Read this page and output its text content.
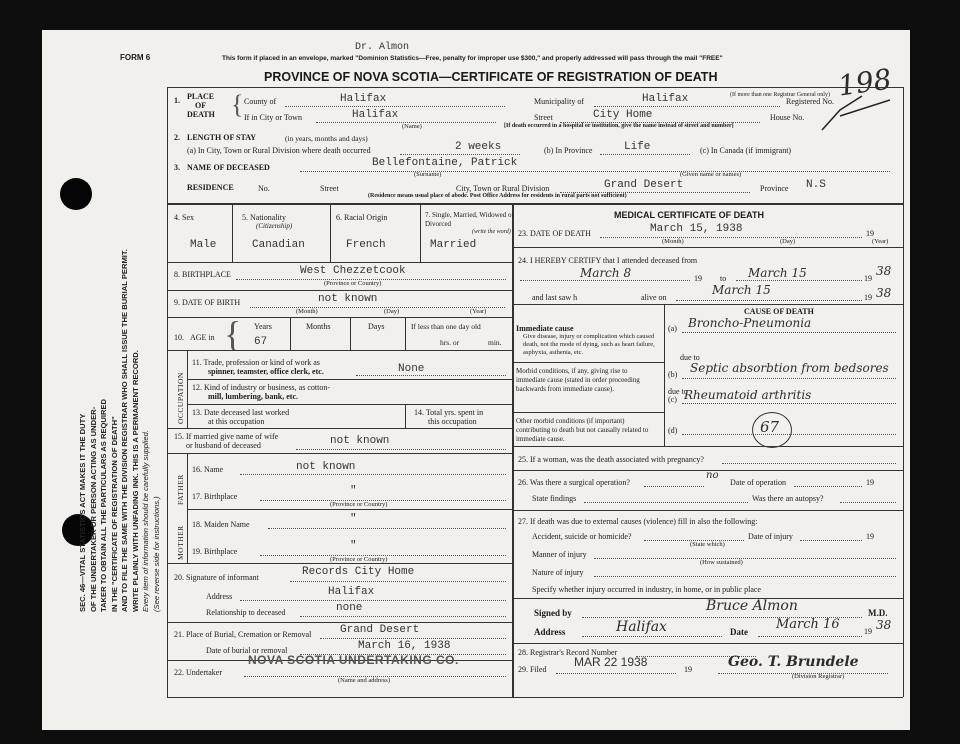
SEC. 46—VITAL STATISTICS ACT MAKES IT THE DUTY OF THE UNDERTAKER OR PERSON ACTING AS UNDER- TAKER TO OBTAIN ALL THE PARTICULARS AS REQUIRED IN THE "CERTIFICATE OF REGISTRATION OF DEATH" AND TO FILE THE SAME WITH THE DIVISION REGISTRAR WHO SHALL ISSUE THE BURIAL PERMIT. WRITE PLAINLY WITH UNFADING INK. THIS IS A PERMANENT RECORD. Every item of information should be carefully supplied. (See reverse side for instructions.)
FORM 6
Dr. Almon
This form if placed in an envelope, marked "Dominion Statistics—Free, penalty for improper use $300," and properly addressed will pass through the mail "FREE"
(If more than one Registrar General only)
PROVINCE OF NOVA SCOTIA—CERTIFICATE OF REGISTRATION OF DEATH	198
1. PLACE
OF
DEATH { County of	Halifax	Municipality of	Halifax	Registered No.
If in City or Town	Halifax	Street	City Home	House No.
(Name)	[If death occurred in a hospital or institution, give the name instead of street and number]
2. LENGTH OF STAY	(in years, months and days)
(a) In City, Town or Rural Division where death occurred	2 weeks	(b) In Province	Life	(c) In Canada (if immigrant)
3. NAME OF DECEASED	Bellefontaine, Patrick
(Surname)	(Given name or names)
RESIDENCE	No.	Street	City, Town or Rural Division	Grand Desert	Province N.S
(Residence means usual place of abode. Post Office Address for residents in rural parts not sufficient)
4. Sex	5. Nationality
(Citizenship)
6. Racial Origin	7. Single, Married, Widowed or Divorced
(write the word)
Male	Canadian	French	Married
8. BIRTHPLACE	West Chezzetcook
(Province or Country)
9. DATE OF BIRTH	not known
(Month)	(Day)	(Year)
10. AGE in { Years
67
Months	Days	If less than one day old
hrs. or	min.
OCCUPATION
11. Trade, profession or kind of work as
spinner, teamster, office clerk, etc.	None
12. Kind of industry or business, as cotton-
mill, lumbering, bank, etc.
13. Date deceased last worked
at this occupation
14. Total yrs. spent in
this occupation
15. If married give name of wife
or husband of deceased	not known
FATHER
MOTHER
16. Name	not known
17. Birthplace	"
(Province or Country)
18. Maiden Name	"
19. Birthplace	"
(Province or Country)
20. Signature of informant	Records City Home
Address	Halifax
Relationship to deceased	none
21. Place of Burial, Cremation or Removal	Grand Desert
Date of burial or removal	March 16, 1938
22. Undertaker
NOVA SCOTIA UNDERTAKING CO.
(Name and address)
MEDICAL CERTIFICATE OF DEATH
23. DATE OF DEATH	March 15, 1938	19
(Month)	(Day)	(Year)
24. I HEREBY CERTIFY that I attended deceased from
March 8	19 to March 15	19
38
and last saw h	alive on
March 15
19 38
CAUSE OF DEATH
Immediate cause
Give disease, injury or complication which caused death, not the mode of dying, such as heart failure, asphyxia, asthenia, etc.
(a) Broncho-Pneumonia
due to
Morbid conditions, if any, giving rise to immediate cause (stated in order proceeding backwards from immediate cause).
(b) Septic absorbtion from bedsores
due to
(c) Rheumatoid arthritis
Other morbid conditions (if important) contributing to death but not causally related to immediate cause.
(d)	67
25. If a woman, was the death associated with pregnancy?
26. Was there a surgical operation?
no
Date of operation	19
State findings	Was there an autopsy?
27. If death was due to external causes (violence) fill in also the following:
Accident, suicide or homicide?	Date of injury	19
(State which)
Manner of injury
(How sustained)
Nature of injury
Specify whether injury occurred in industry, in home, or in public place
Signed by	Bruce Almon	M.D.
Address	Halifax	Date March 16	19 38
28. Registrar's Record Number
29. Filed
MAR 22 1938
19	Geo. T. Brundele
(Division Registrar)
